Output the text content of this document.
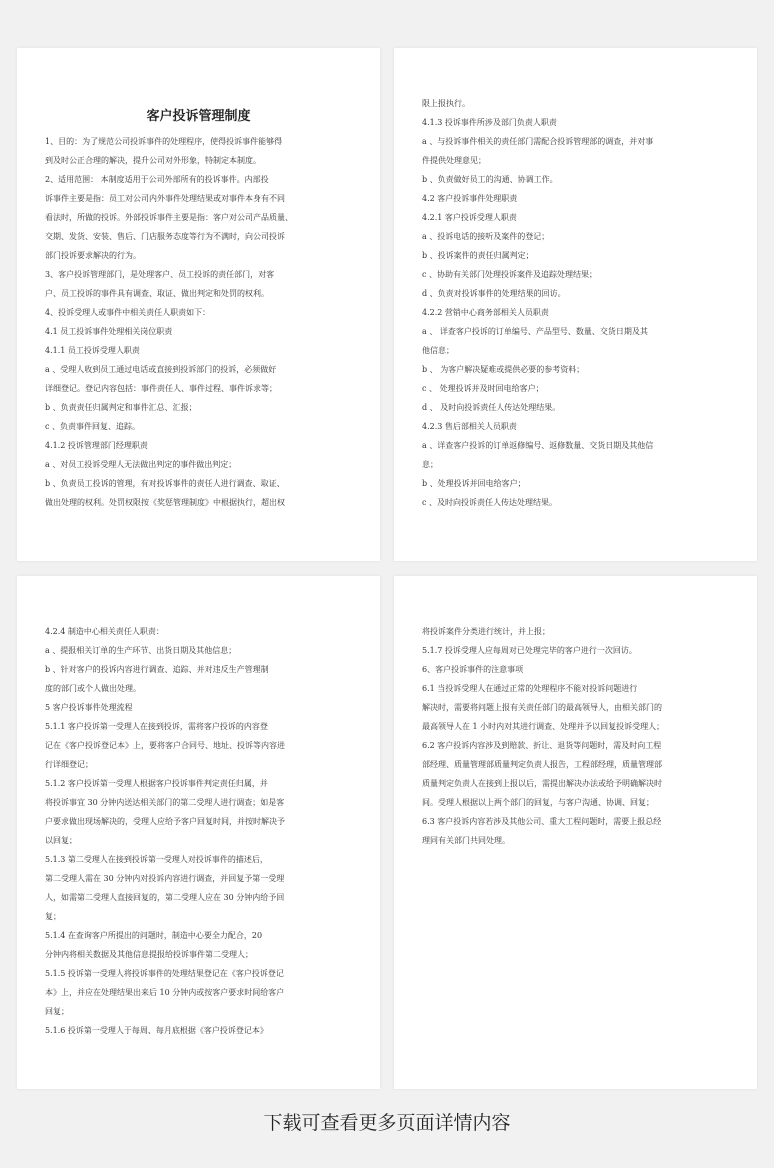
客户投诉管理制度

1、目的：为了规范公司投诉事件的处理程序，使得投诉事件能够得

到及时公正合理的解决，提升公司对外形象，特制定本制度。

2、适用范围： 本制度适用于公司外部所有的投诉事件。内部投

诉事件主要是指：员工对公司内外事件处理结果或对事件本身有不同

看法时，所做的投诉。外部投诉事件主要是指：客户对公司产品质量、

交期、发货、安装、售后、门店服务态度等行为不满时，向公司投诉

部门投诉要求解决的行为。

3、客户投诉管理部门，是处理客户、员工投诉的责任部门，对客

户、员工投诉的事件具有调查、取证、做出判定和处罚的权利。

4、投诉受理人或事件中相关责任人职责如下：

4.1 员工投诉事件处理相关岗位职责

4.1.1 员工投诉受理人职责

a 、受理人收到员工通过电话或直接到投诉部门的投诉，必须做好

详细登记。登记内容包括：事件责任人、事件过程、事件诉求等；

b 、负责责任归属判定和事件汇总、汇报；

c 、负责事件回复、追踪。

4.1.2 投诉管理部门经理职责

a 、对员工投诉受理人无法做出判定的事件做出判定；

b 、负责员工投诉的管理，有对投诉事件的责任人进行调查、取证、

做出处理的权利。处罚权限按《奖惩管理制度》中根据执行，超出权

限上报执行。

4.1.3 投诉事件所涉及部门负责人职责

a 、与投诉事件相关的责任部门需配合投诉管理部的调查，并对事

件提供处理意见；

b 、负责做好员工的沟通、协调工作。

4.2 客户投诉事件处理职责

4.2.1 客户投诉受理人职责

a 、投诉电话的接听及案件的登记；

b 、投诉案件的责任归属判定；

c 、协助有关部门处理投诉案件及追踪处理结果；

d 、负责对投诉事件的处理结果的回访。

4.2.2 营销中心商务部相关人员职责

a 、 详查客户投诉的订单编号、产品型号、数量、交货日期及其

他信息；

b 、 为客户解决疑难或提供必要的参考资料；

c 、 处理投诉并及时回电给客户；

d 、 及时向投诉责任人传达处理结果。

4.2.3 售后部相关人员职责

a 、详查客户投诉的订单返修编号、返修数量、交货日期及其他信

息；

b 、处理投诉并回电给客户；

c 、及时向投诉责任人传达处理结果。

4.2.4 制造中心相关责任人职责：

a 、提报相关订单的生产环节、出货日期及其他信息；

b 、针对客户的投诉内容进行调查、追踪、并对违反生产管理制

度的部门或个人做出处理。

5 客户投诉事件处理流程

5.1.1 客户投诉第一受理人在接到投诉，需将客户投诉的内容登

记在《客户投诉登记本》上，要将客户合同号、地址、投诉等内容进

行详细登记；

5.1.2 客户投诉第一受理人根据客户投诉事件判定责任归属，并

将投诉事宜 30 分钟内送达相关部门的第二受理人进行调查；如是客

户要求做出现场解决的，受理人应给予客户回复时间，并按时解决予

以回复；

5.1.3 第二受理人在接到投诉第一受理人对投诉事件的描述后，

第二受理人需在 30 分钟内对投诉内容进行调查，并回复予第一受理

人，如需第二受理人直接回复的，第二受理人应在 30 分钟内给予回

复；

5.1.4 在查询客户所提出的问题时，制造中心要全力配合，20

分钟内将相关数据及其他信息提报给投诉事件第二受理人；

5.1.5 投诉第一受理人将投诉事件的处理结果登记在《客户投诉登记

本》上，并应在处理结果出来后 10 分钟内或按客户要求时间给客户

回复；

5.1.6 投诉第一受理人于每周、每月底根据《客户投诉登记本》

将投诉案件分类进行统计，并上报；

5.1.7 投诉受理人应每周对已处理完毕的客户进行一次回访。

6、客户投诉事件的注意事项

6.1 当投诉受理人在通过正常的处理程序不能对投诉问题进行

解决时，需要将问题上报有关责任部门的最高领导人，由相关部门的

最高领导人在 1 小时内对其进行调查、处理并予以回复投诉受理人；

6.2 客户投诉内容涉及到赔款、折让、退货等问题时，需及时向工程

部经理、质量管理部质量判定负责人报告，工程部经理，质量管理部

质量判定负责人在接到上报以后，需提出解决办法或给予明确解决时

间。受理人根据以上两个部门的回复，与客户沟通、协调、回复；

6.3 客户投诉内容若涉及其他公司、重大工程问题时，需要上报总经

理同有关部门共同处理。

下载可查看更多页面详情内容
